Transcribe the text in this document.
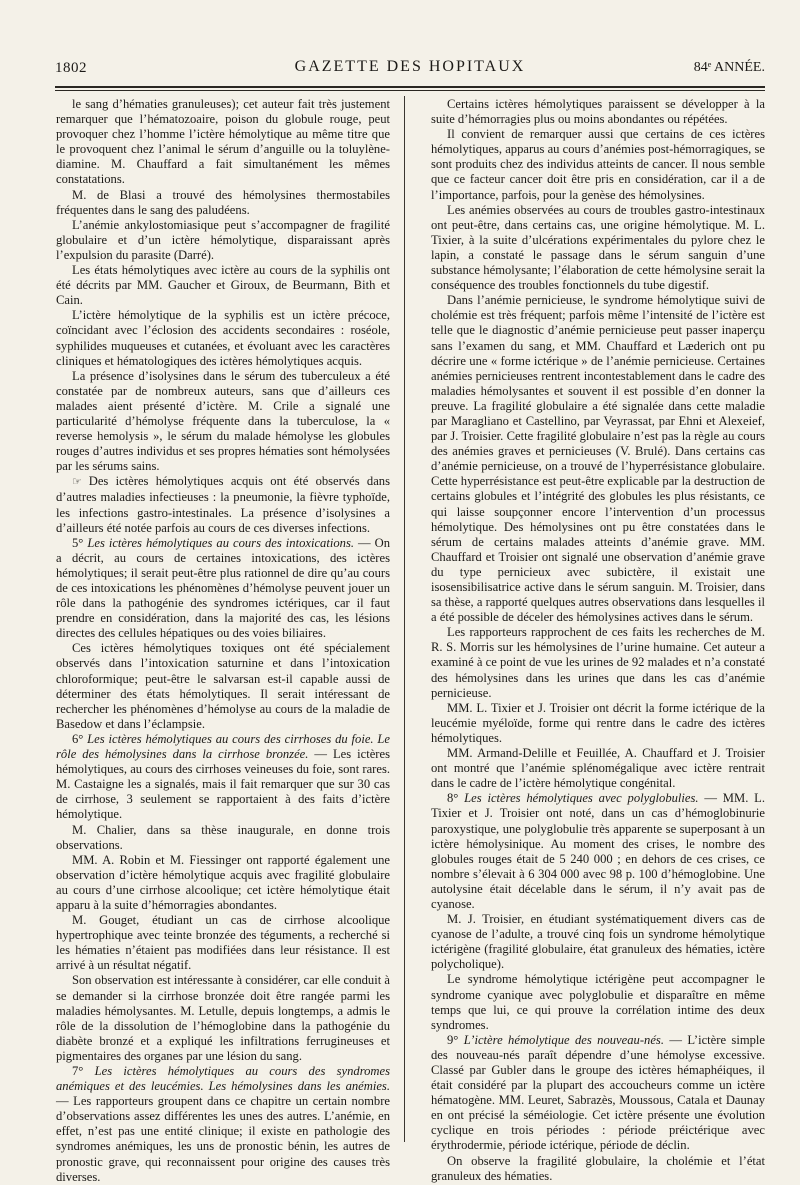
1802	GAZETTE DES HOPITAUX	84ᵉ ANNÉE.

le sang d’hématies granuleuses); cet auteur fait très justement remarquer que l’hématozoaire, poison du globule rouge, peut provoquer chez l’homme l’ictère hémolytique au même titre que le provoquent chez l’animal le sérum d’anguille ou la toluylène-diamine. M. Chauffard a fait simultanément les mêmes constatations.

M. de Blasi a trouvé des hémolysines thermostabiles fréquentes dans le sang des paludéens.

L’anémie ankylostomiasique peut s’accompagner de fragilité globulaire et d’un ictère hémolytique, disparaissant après l’expulsion du parasite (Darré).

Les états hémolytiques avec ictère au cours de la syphilis ont été décrits par MM. Gaucher et Giroux, de Beurmann, Bith et Cain.

L’ictère hémolytique de la syphilis est un ictère précoce, coïncidant avec l’éclosion des accidents secondaires : roséole, syphilides muqueuses et cutanées, et évoluant avec les caractères cliniques et hématologiques des ictères hémolytiques acquis.

La présence d’isolysines dans le sérum des tuberculeux a été constatée par de nombreux auteurs, sans que d’ailleurs ces malades aient présenté d’ictère. M. Crile a signalé une particularité d’hémolyse fréquente dans la tuberculose, la « reverse hemolysis », le sérum du malade hémolyse les globules rouges d’autres individus et ses propres hématies sont hémolysées par les sérums sains.

☞ Des ictères hémolytiques acquis ont été observés dans d’autres maladies infectieuses : la pneumonie, la fièvre typhoïde, les infections gastro-intestinales. La présence d’isolysines a d’ailleurs été notée parfois au cours de ces diverses infections.

5° Les ictères hémolytiques au cours des intoxications. — On a décrit, au cours de certaines intoxications, des ictères hémolytiques; il serait peut-être plus rationnel de dire qu’au cours de ces intoxications les phénomènes d’hémolyse peuvent jouer un rôle dans la pathogénie des syndromes ictériques, car il faut prendre en considération, dans la majorité des cas, les lésions directes des cellules hépatiques ou des voies biliaires.

Ces ictères hémolytiques toxiques ont été spécialement observés dans l’intoxication saturnine et dans l’intoxication chloroformique; peut-être le salvarsan est-il capable aussi de déterminer des états hémolytiques. Il serait intéressant de rechercher les phénomènes d’hémolyse au cours de la maladie de Basedow et dans l’éclampsie.

6° Les ictères hémolytiques au cours des cirrhoses du foie. Le rôle des hémolysines dans la cirrhose bronzée. — Les ictères hémolytiques, au cours des cirrhoses veineuses du foie, sont rares. M. Castaigne les a signalés, mais il fait remarquer que sur 30 cas de cirrhose, 3 seulement se rapportaient à des faits d’ictère hémolytique.

M. Chalier, dans sa thèse inaugurale, en donne trois observations.

MM. A. Robin et M. Fiessinger ont rapporté également une observation d’ictère hémolytique acquis avec fragilité globulaire au cours d’une cirrhose alcoolique; cet ictère hémolytique était apparu à la suite d’hémorragies abondantes.

M. Gouget, étudiant un cas de cirrhose alcoolique hypertrophique avec teinte bronzée des téguments, a recherché si les hématies n’étaient pas modifiées dans leur résistance. Il est arrivé à un résultat négatif.

Son observation est intéressante à considérer, car elle conduit à se demander si la cirrhose bronzée doit être rangée parmi les maladies hémolysantes. M. Letulle, depuis longtemps, a admis le rôle de la dissolution de l’hémoglobine dans la pathogénie du diabète bronzé et a expliqué les infiltrations ferrugineuses et pigmentaires des organes par une lésion du sang.

7° Les ictères hémolytiques au cours des syndromes anémiques et des leucémies. Les hémolysines dans les anémies. — Les rapporteurs groupent dans ce chapitre un certain nombre d’observations assez différentes les unes des autres. L’anémie, en effet, n’est pas une entité clinique; il existe en pathologie des syndromes anémiques, les uns de pronostic bénin, les autres de pronostic grave, qui reconnaissent pour origine des causes très diverses.

Certains ictères hémolytiques paraissent se développer à la suite d’hémorragies plus ou moins abondantes ou répétées.

Il convient de remarquer aussi que certains de ces ictères hémolytiques, apparus au cours d’anémies post-hémorragiques, se sont produits chez des individus atteints de cancer. Il nous semble que ce facteur cancer doit être pris en considération, car il a de l’importance, parfois, pour la genèse des hémolysines.

Les anémies observées au cours de troubles gastro-intestinaux ont peut-être, dans certains cas, une origine hémolytique. M. L. Tixier, à la suite d’ulcérations expérimentales du pylore chez le lapin, a constaté le passage dans le sérum sanguin d’une substance hémolysante; l’élaboration de cette hémolysine serait la conséquence des troubles fonctionnels du tube digestif.

Dans l’anémie pernicieuse, le syndrome hémolytique suivi de cholémie est très fréquent; parfois même l’intensité de l’ictère est telle que le diagnostic d’anémie pernicieuse peut passer inaperçu sans l’examen du sang, et MM. Chauffard et Læderich ont pu décrire une « forme ictérique » de l’anémie pernicieuse. Certaines anémies pernicieuses rentrent incontestablement dans le cadre des maladies hémolysantes et souvent il est possible d’en donner la preuve. La fragilité globulaire a été signalée dans cette maladie par Maragliano et Castellino, par Veyrassat, par Ehni et Alexeief, par J. Troisier. Cette fragilité globulaire n’est pas la règle au cours des anémies graves et pernicieuses (V. Brulé). Dans certains cas d’anémie pernicieuse, on a trouvé de l’hyperrésistance globulaire. Cette hyperrésistance est peut-être explicable par la destruction de certains globules et l’intégrité des globules les plus résistants, ce qui laisse soupçonner encore l’intervention d’un processus hémolytique. Des hémolysines ont pu être constatées dans le sérum de certains malades atteints d’anémie grave. MM. Chauffard et Troisier ont signalé une observation d’anémie grave du type pernicieux avec subictère, il existait une isosensibilisatrice active dans le sérum sanguin. M. Troisier, dans sa thèse, a rapporté quelques autres observations dans lesquelles il a été possible de déceler des hémolysines actives dans le sérum.

Les rapporteurs rapprochent de ces faits les recherches de M. R. S. Morris sur les hémolysines de l’urine humaine. Cet auteur a examiné à ce point de vue les urines de 92 malades et n’a constaté des hémolysines dans les urines que dans les cas d’anémie pernicieuse.

MM. L. Tixier et J. Troisier ont décrit la forme ictérique de la leucémie myéloïde, forme qui rentre dans le cadre des ictères hémolytiques.

MM. Armand-Delille et Feuillée, A. Chauffard et J. Troisier ont montré que l’anémie splénomégalique avec ictère rentrait dans le cadre de l’ictère hémolytique congénital.

8° Les ictères hémolytiques avec polyglobulies. — MM. L. Tixier et J. Troisier ont noté, dans un cas d’hémoglobinurie paroxystique, une polyglobulie très apparente se superposant à un ictère hémolysinique. Au moment des crises, le nombre des globules rouges était de 5 240 000 ; en dehors de ces crises, ce nombre s’élevait à 6 304 000 avec 98 p. 100 d’hémoglobine. Une autolysine était décelable dans le sérum, il n’y avait pas de cyanose.

M. J. Troisier, en étudiant systématiquement divers cas de cyanose de l’adulte, a trouvé cinq fois un syndrome hémolytique ictérigène (fragilité globulaire, état granuleux des hématies, ictère polycholique).

Le syndrome hémolytique ictérigène peut accompagner le syndrome cyanique avec polyglobulie et disparaître en même temps que lui, ce qui prouve la corrélation intime des deux syndromes.

9° L’ictère hémolytique des nouveau-nés. — L’ictère simple des nouveau-nés paraît dépendre d’une hémolyse excessive. Classé par Gubler dans le groupe des ictères hémaphéiques, il était considéré par la plupart des accoucheurs comme un ictère hématogène. MM. Leuret, Sabrazès, Moussous, Catala et Daunay en ont précisé la séméiologie. Cet ictère présente une évolution cyclique en trois périodes : période préictérique avec érythrodermie, période ictérique, période de déclin.

On observe la fragilité globulaire, la cholémie et l’état granuleux des hématies.
